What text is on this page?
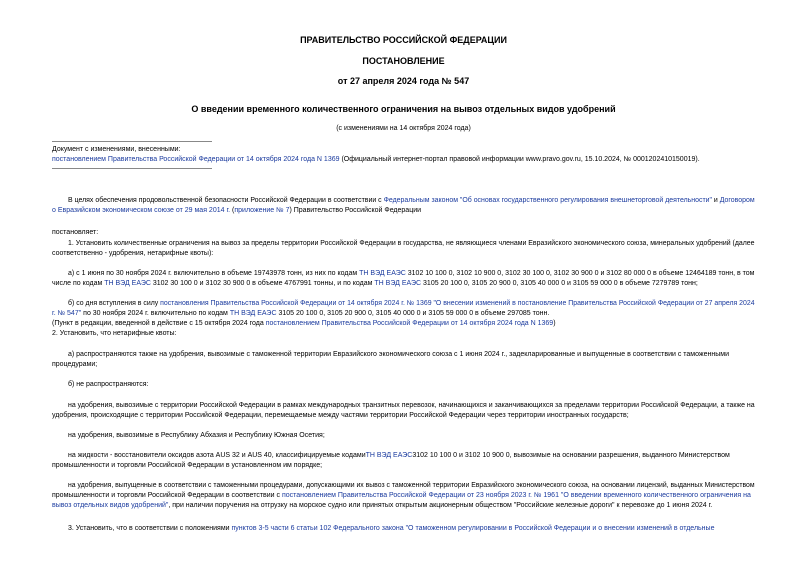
ПРАВИТЕЛЬСТВО РОССИЙСКОЙ ФЕДЕРАЦИИ
ПОСТАНОВЛЕНИЕ
от 27 апреля 2024 года № 547
О введении временного количественного ограничения на вывоз отдельных видов удобрений
(с изменениями на 14 октября 2024 года)
Документ с изменениями, внесенными:
постановлением Правительства Российской Федерации от 14 октября 2024 года N 1369 (Официальный интернет-портал правовой информации www.pravo.gov.ru, 15.10.2024, № 0001202410150019).
В целях обеспечения продовольственной безопасности Российской Федерации в соответствии с Федеральным законом "Об основах государственного регулирования внешнеторговой деятельности" и Договором
о Евразийском экономическом союзе от 29 мая 2014 г. (приложение № 7) Правительство Российской Федерации
постановляет:
1. Установить количественные ограничения на вывоз за пределы территории Российской Федерации в государства, не являющиеся членами Евразийского экономического союза, минеральных удобрений (далее
соответственно - удобрения, нетарифные квоты):
а) с 1 июня по 30 ноября 2024 г. включительно в объеме 19743978 тонн, из них по кодам ТН ВЭД ЕАЭС 3102 10 100 0, 3102 10 900 0, 3102 30 100 0, 3102 30 900 0 и 3102 80 000 0 в объеме 12464189 тонн, в том
числе по кодам ТН ВЭД ЕАЭС 3102 30 100 0 и 3102 30 900 0 в объеме 4767991 тонны, и по кодам ТН ВЭД ЕАЭС 3105 20 100 0, 3105 20 900 0, 3105 40 000 0 и 3105 59 000 0 в объеме 7279789 тонн;
б) со дня вступления в силу постановления Правительства Российской Федерации от 14 октября 2024 г. № 1369 "О внесении изменений в постановление Правительства Российской Федерации от 27 апреля 2024
г. № 547" по 30 ноября 2024 г. включительно по кодам ТН ВЭД ЕАЭС 3105 20 100 0, 3105 20 900 0, 3105 40 000 0 и 3105 59 000 0 в объеме 297085 тонн.
(Пункт в редакции, введенной в действие с 15 октября 2024 года постановлением Правительства Российской Федерации от 14 октября 2024 года N 1369)
2. Установить, что нетарифные квоты:
а) распространяются также на удобрения, вывозимые с таможенной территории Евразийского экономического союза с 1 июня 2024 г., задекларированные и выпущенные в соответствии с таможенными
процедурами;
б) не распространяются:
на удобрения, вывозимые с территории Российской Федерации в рамках международных транзитных перевозок, начинающихся и заканчивающихся за пределами территории Российской Федерации, а также на
удобрения, происходящие с территории Российской Федерации, перемещаемые между частями территории Российской Федерации через территории иностранных государств;
на удобрения, вывозимые в Республику Абхазия и Республику Южная Осетия;
на жидкости - восстановители оксидов азота AUS 32 и AUS 40, классифицируемые кодамиТН ВЭД ЕАЭС3102 10 100 0 и 3102 10 900 0, вывозимые на основании разрешения, выданного Министерством
промышленности и торговли Российской Федерации в установленном им порядке;
на удобрения, выпущенные в соответствии с таможенными процедурами, допускающими их вывоз с таможенной территории Евразийского экономического союза, на основании лицензий, выданных Министерством
промышленности и торговли Российской Федерации в соответствии с постановлением Правительства Российской Федерации от 23 ноября 2023 г. № 1961 "О введении временного количественного ограничения на
вывоз отдельных видов удобрений", при наличии поручения на отгрузку на морское судно или принятых открытым акционерным обществом "Российские железные дороги" к перевозке до 1 июня 2024 г.
3. Установить, что в соответствии с положениями пунктов 3-5 части 6 статьи 102 Федерального закона "О таможенном регулировании в Российской Федерации и о внесении изменений в отдельные
